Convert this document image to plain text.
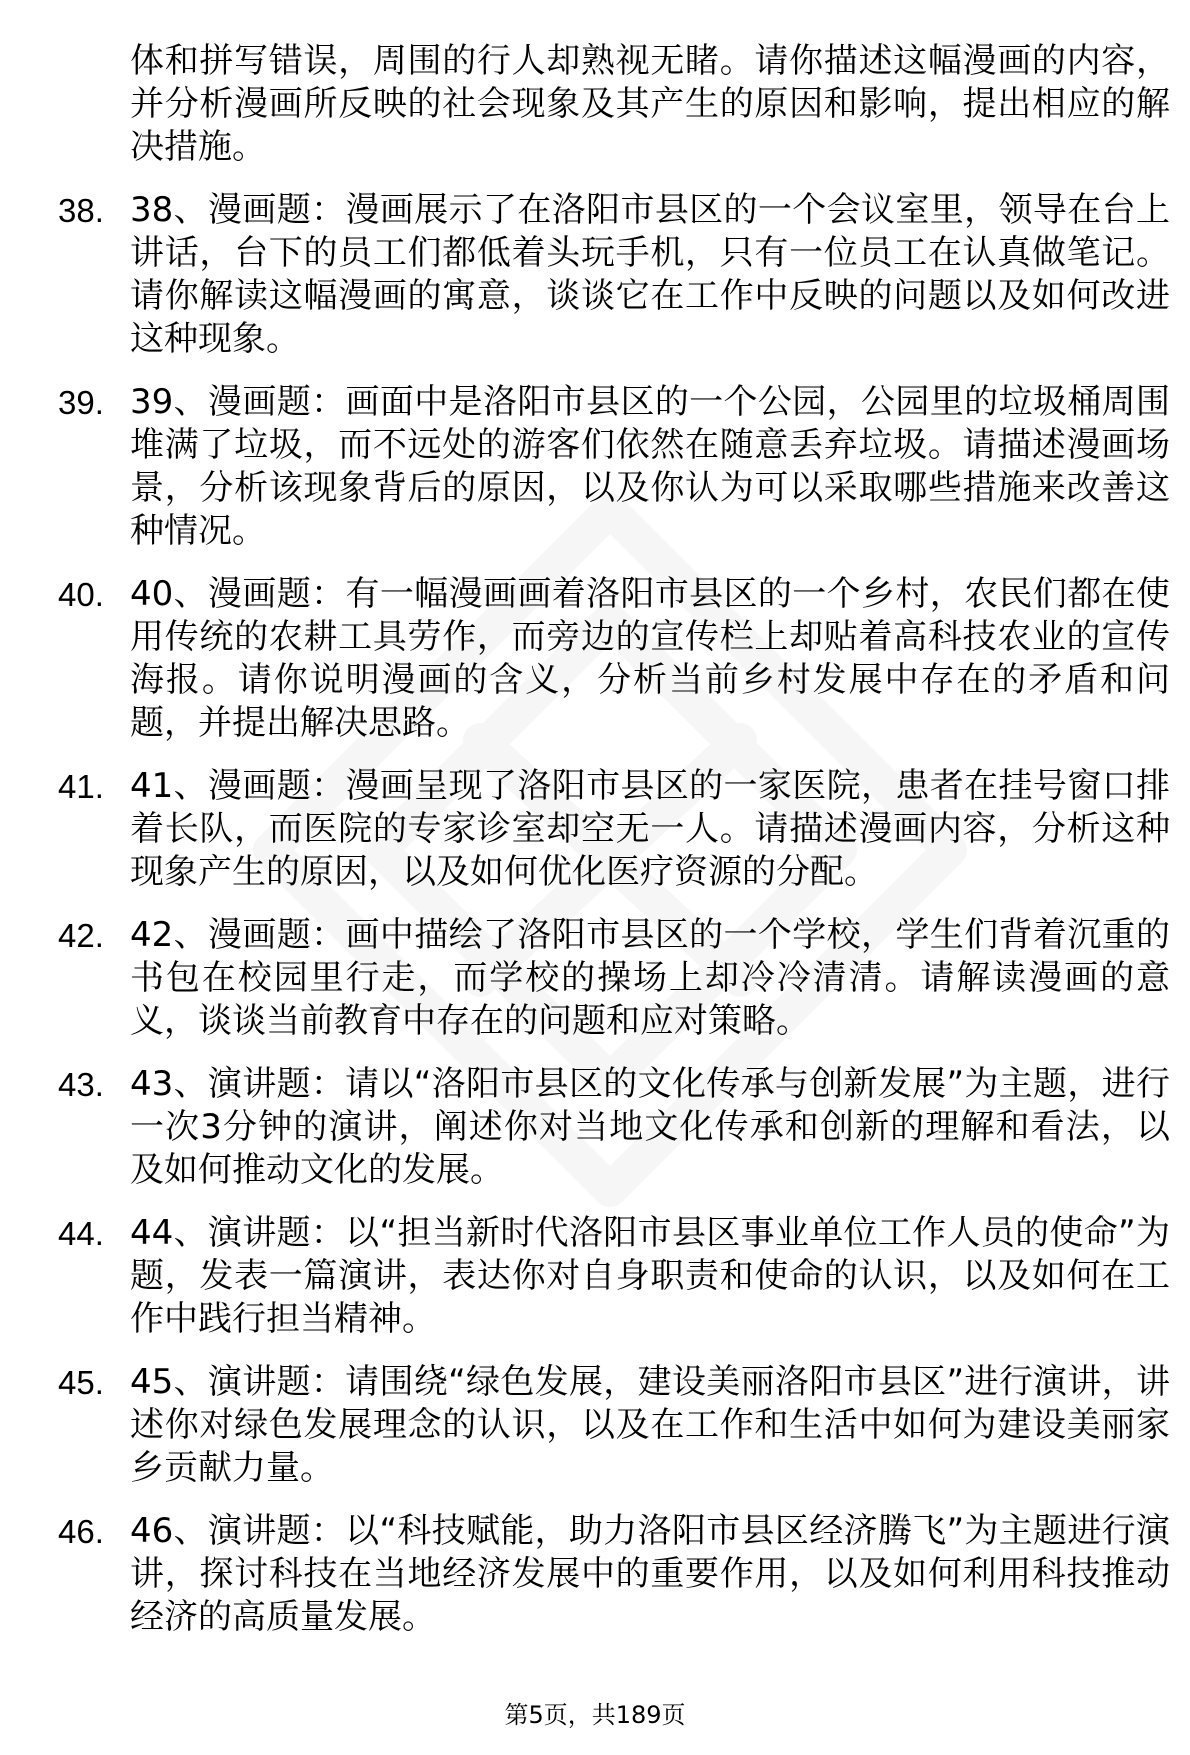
体和拼写错误，周围的行人却熟视无睹。请你描述这幅漫画的内容，并分析漫画所反映的社会现象及其产生的原因和影响，提出相应的解决措施。
38. 38、漫画题：漫画展示了在洛阳市县区的一个会议室里，领导在台上讲话，台下的员工们都低着头玩手机，只有一位员工在认真做笔记。请你解读这幅漫画的寓意，谈谈它在工作中反映的问题以及如何改进这种现象。
39. 39、漫画题：画面中是洛阳市县区的一个公园，公园里的垃圾桶周围堆满了垃圾，而不远处的游客们依然在随意丢弃垃圾。请描述漫画场景，分析该现象背后的原因，以及你认为可以采取哪些措施来改善这种情况。
40. 40、漫画题：有一幅漫画画着洛阳市县区的一个乡村，农民们都在使用传统的农耕工具劳作，而旁边的宣传栏上却贴着高科技农业的宣传海报。请你说明漫画的含义，分析当前乡村发展中存在的矛盾和问题，并提出解决思路。
41. 41、漫画题：漫画呈现了洛阳市县区的一家医院，患者在挂号窗口排着长队，而医院的专家诊室却空无一人。请描述漫画内容，分析这种现象产生的原因，以及如何优化医疗资源的分配。
42. 42、漫画题：画中描绘了洛阳市县区的一个学校，学生们背着沉重的书包在校园里行走，而学校的操场上却冷冷清清。请解读漫画的意义，谈谈当前教育中存在的问题和应对策略。
43. 43、演讲题：请以“洛阳市县区的文化传承与创新发展”为主题，进行一次3分钟的演讲，阐述你对当地文化传承和创新的理解和看法，以及如何推动文化的发展。
44. 44、演讲题：以“担当新时代洛阳市县区事业单位工作人员的使命”为题，发表一篇演讲，表达你对自身职责和使命的认识，以及如何在工作中践行担当精神。
45. 45、演讲题：请围绕“绿色发展，建设美丽洛阳市县区”进行演讲，讲述你对绿色发展理念的认识，以及在工作和生活中如何为建设美丽家乡贡献力量。
46. 46、演讲题：以“科技赋能，助力洛阳市县区经济腾飞”为主题进行演讲，探讨科技在当地经济发展中的重要作用，以及如何利用科技推动经济的高质量发展。
第5页，共189页
